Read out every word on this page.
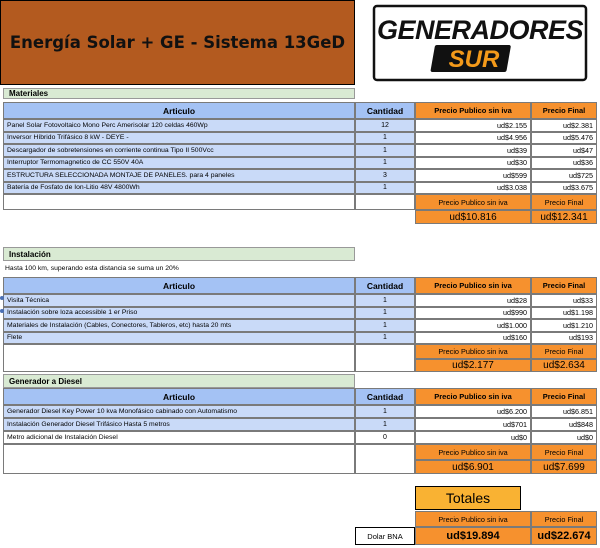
Energía Solar + GE - Sistema 13GeD GENERADORES
SUR
Materiales
Articulo	Cantidad	Precio Publico sin iva	Precio Final
Panel Solar Fotovoltaico Mono Perc Amerisolar 120 celdas 460Wp	12	ud$2.155	ud$2.381
Inversor Híbrido Trifásico 8 kW - DEYE -	1	ud$4.956	ud$5.476
Descargador de sobretensiones en corriente continua Tipo II 500Vcc	1	ud$39	ud$47
Interruptor Termomagnetico de CC 550V 40A	1	ud$30	ud$36
ESTRUCTURA SELECCIONADA MONTAJE DE PANELES. para 4 paneles	3	ud$599	ud$725
Batería de Fosfato de Ion-Litio 48V 4800Wh	1	ud$3.038	ud$3.675
Precio Publico sin iva	Precio Final
ud$10.816	ud$12.341
Instalación
Hasta 100 km, superando esta distancia se suma un 20%
Articulo	Cantidad	Precio Publico sin iva	Precio Final
Visita Técnica	1	ud$28	ud$33
Instalación sobre loza accessible 1 er Priso	1	ud$990	ud$1.198
Materiales de Instalación (Cables, Conectores, Tableros, etc) hasta 20 mts	1	ud$1.000	ud$1.210
Flete	1	ud$160	ud$193
Precio Publico sin iva	Precio Final
ud$2.177	ud$2.634
Generador a Diesel
Articulo	Cantidad	Precio Publico sin iva	Precio Final
Generador Diesel Key Power 10 kva Monofásico cabinado con Automatismo	1	ud$6.200	ud$6.851
Instalación Generador Diesel Trifásico Hasta 5 metros	1	ud$701	ud$848
Metro adicional de Instalación Diesel	0	ud$0	ud$0
Precio Publico sin iva	Precio Final
ud$6.901	ud$7.699
Totales
Precio Publico sin iva	Precio Final
Dolar BNA	ud$19.894	ud$22.674
